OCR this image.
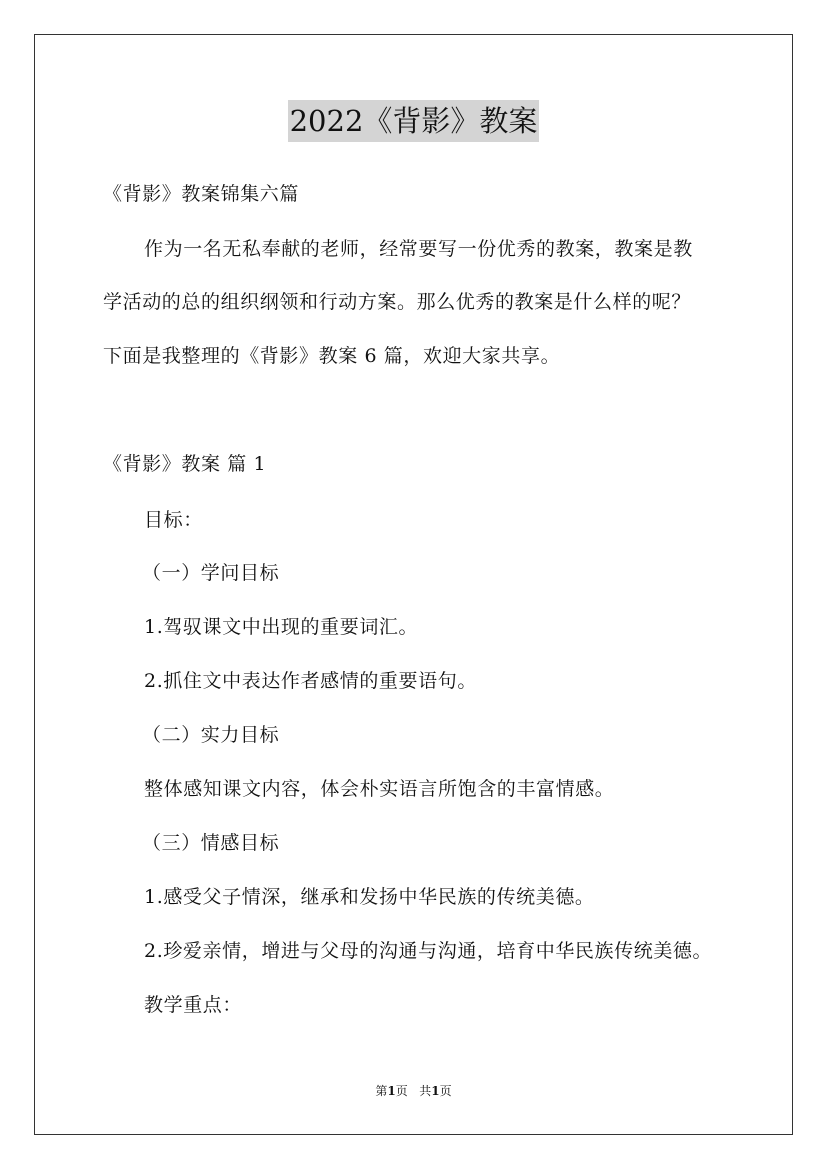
2022《背影》教案
《背影》教案锦集六篇
作为一名无私奉献的老师，经常要写一份优秀的教案，教案是教
学活动的总的组织纲领和行动方案。那么优秀的教案是什么样的呢？
下面是我整理的《背影》教案 6 篇，欢迎大家共享。
《背影》教案 篇 1
目标：
（一）学问目标
1.驾驭课文中出现的重要词汇。
2.抓住文中表达作者感情的重要语句。
（二）实力目标
整体感知课文内容，体会朴实语言所饱含的丰富情感。
（三）情感目标
1.感受父子情深，继承和发扬中华民族的传统美德。
2.珍爱亲情，增进与父母的沟通与沟通，培育中华民族传统美德。
教学重点：
第1页   共1页
